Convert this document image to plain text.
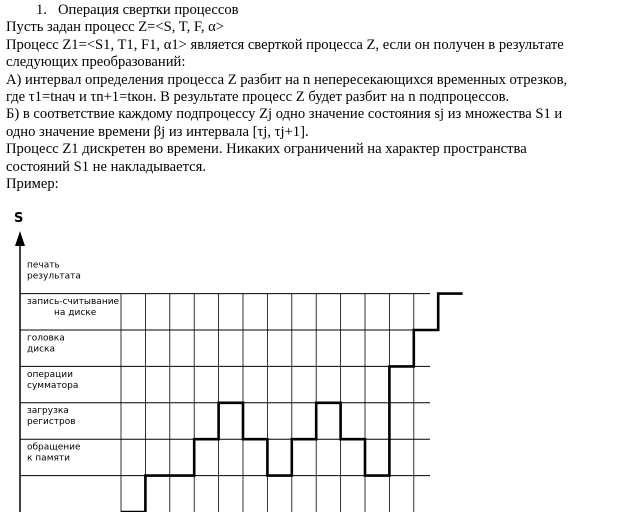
1. Операция свертки процессов

Пусть задан процесс Z=<S, T, F, α>

Процесс Z1=<S1, T1, F1, α1> является сверткой процесса Z, если он получен в результате

следующих преобразований:

А) интервал определения процесса Z разбит на n непересекающихся временных отрезков,

где τ1=tнач и τn+1=tкон. В результате процесс Z будет разбит на n подпроцессов.

Б) в соответствие каждому подпроцессу Zj одно значение состояния sj из множества S1 и

одно значение времени βj из интервала [τj, τj+1].

Процесс Z1 дискретен во времени. Никаких ограничений на характер пространства

состояний S1 не накладывается.

Пример:

S
обращение
к памяти
загрузка
регистров
операции
сумматора
головка
диска
запись-считывание
на диске
печать
результата
